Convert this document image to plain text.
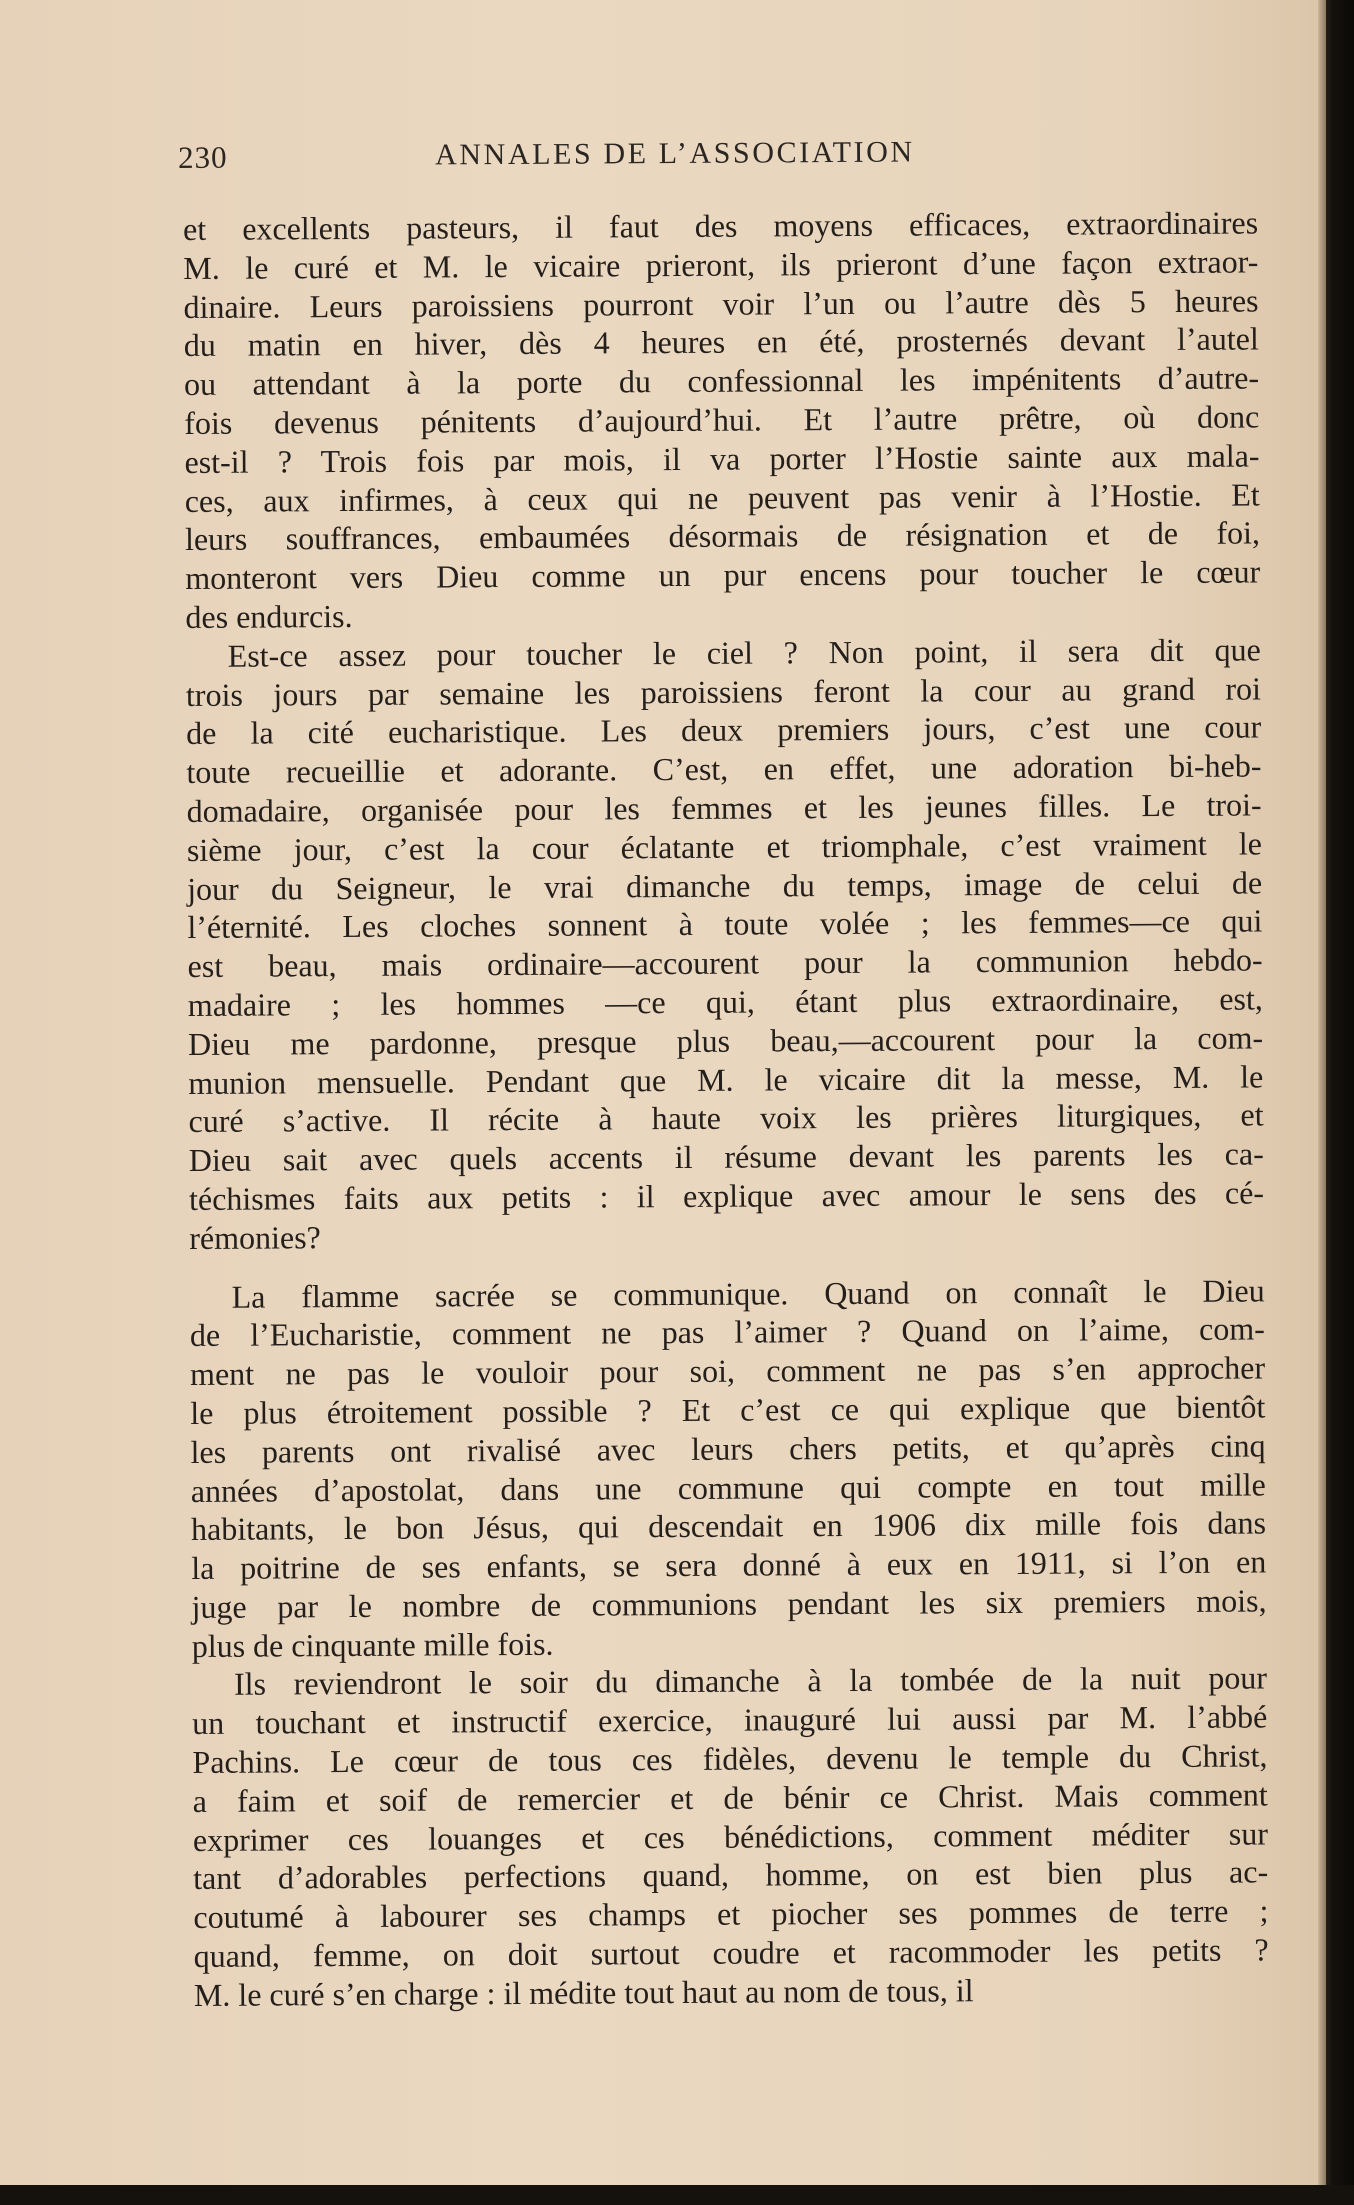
230	ANNALES DE L’ASSOCIATION
et excellents pasteurs, il faut des moyens efficaces, extraordinaires
M. le curé et M. le vicaire prieront, ils prieront d’une façon extraor-
dinaire. Leurs paroissiens pourront voir l’un ou l’autre dès 5 heures
du matin en hiver, dès 4 heures en été, prosternés devant l’autel
ou attendant à la porte du confessionnal les impénitents d’autre-
fois devenus pénitents d’aujourd’hui. Et l’autre prêtre, où donc
est-il ? Trois fois par mois, il va porter l’Hostie sainte aux mala-
ces, aux infirmes, à ceux qui ne peuvent pas venir à l’Hostie. Et
leurs souffrances, embaumées désormais de résignation et de foi,
monteront vers Dieu comme un pur encens pour toucher le cœur
des endurcis.
Est-ce assez pour toucher le ciel ? Non point, il sera dit que
trois jours par semaine les paroissiens feront la cour au grand roi
de la cité eucharistique. Les deux premiers jours, c’est une cour
toute recueillie et adorante. C’est, en effet, une adoration bi-heb-
domadaire, organisée pour les femmes et les jeunes filles. Le troi-
sième jour, c’est la cour éclatante et triomphale, c’est vraiment le
jour du Seigneur, le vrai dimanche du temps, image de celui de
l’éternité. Les cloches sonnent à toute volée ; les femmes—ce qui
est beau, mais ordinaire—accourent pour la communion hebdo-
madaire ; les hommes —ce qui, étant plus extraordinaire, est,
Dieu me pardonne, presque plus beau,—accourent pour la com-
munion mensuelle. Pendant que M. le vicaire dit la messe, M. le
curé s’active. Il récite à haute voix les prières liturgiques, et
Dieu sait avec quels accents il résume devant les parents les ca-
téchismes faits aux petits : il explique avec amour le sens des cé-
rémonies?
La flamme sacrée se communique. Quand on connaît le Dieu
de l’Eucharistie, comment ne pas l’aimer ? Quand on l’aime, com-
ment ne pas le vouloir pour soi, comment ne pas s’en approcher
le plus étroitement possible ? Et c’est ce qui explique que bientôt
les parents ont rivalisé avec leurs chers petits, et qu’après cinq
années d’apostolat, dans une commune qui compte en tout mille
habitants, le bon Jésus, qui descendait en 1906 dix mille fois dans
la poitrine de ses enfants, se sera donné à eux en 1911, si l’on en
juge par le nombre de communions pendant les six premiers mois,
plus de cinquante mille fois.
Ils reviendront le soir du dimanche à la tombée de la nuit pour
un touchant et instructif exercice, inauguré lui aussi par M. l’abbé
Pachins. Le cœur de tous ces fidèles, devenu le temple du Christ,
a faim et soif de remercier et de bénir ce Christ. Mais comment
exprimer ces louanges et ces bénédictions, comment méditer sur
tant d’adorables perfections quand, homme, on est bien plus ac-
coutumé à labourer ses champs et piocher ses pommes de terre ;
quand, femme, on doit surtout coudre et racommoder les petits ?
M. le curé s’en charge : il médite tout haut au nom de tous, il
